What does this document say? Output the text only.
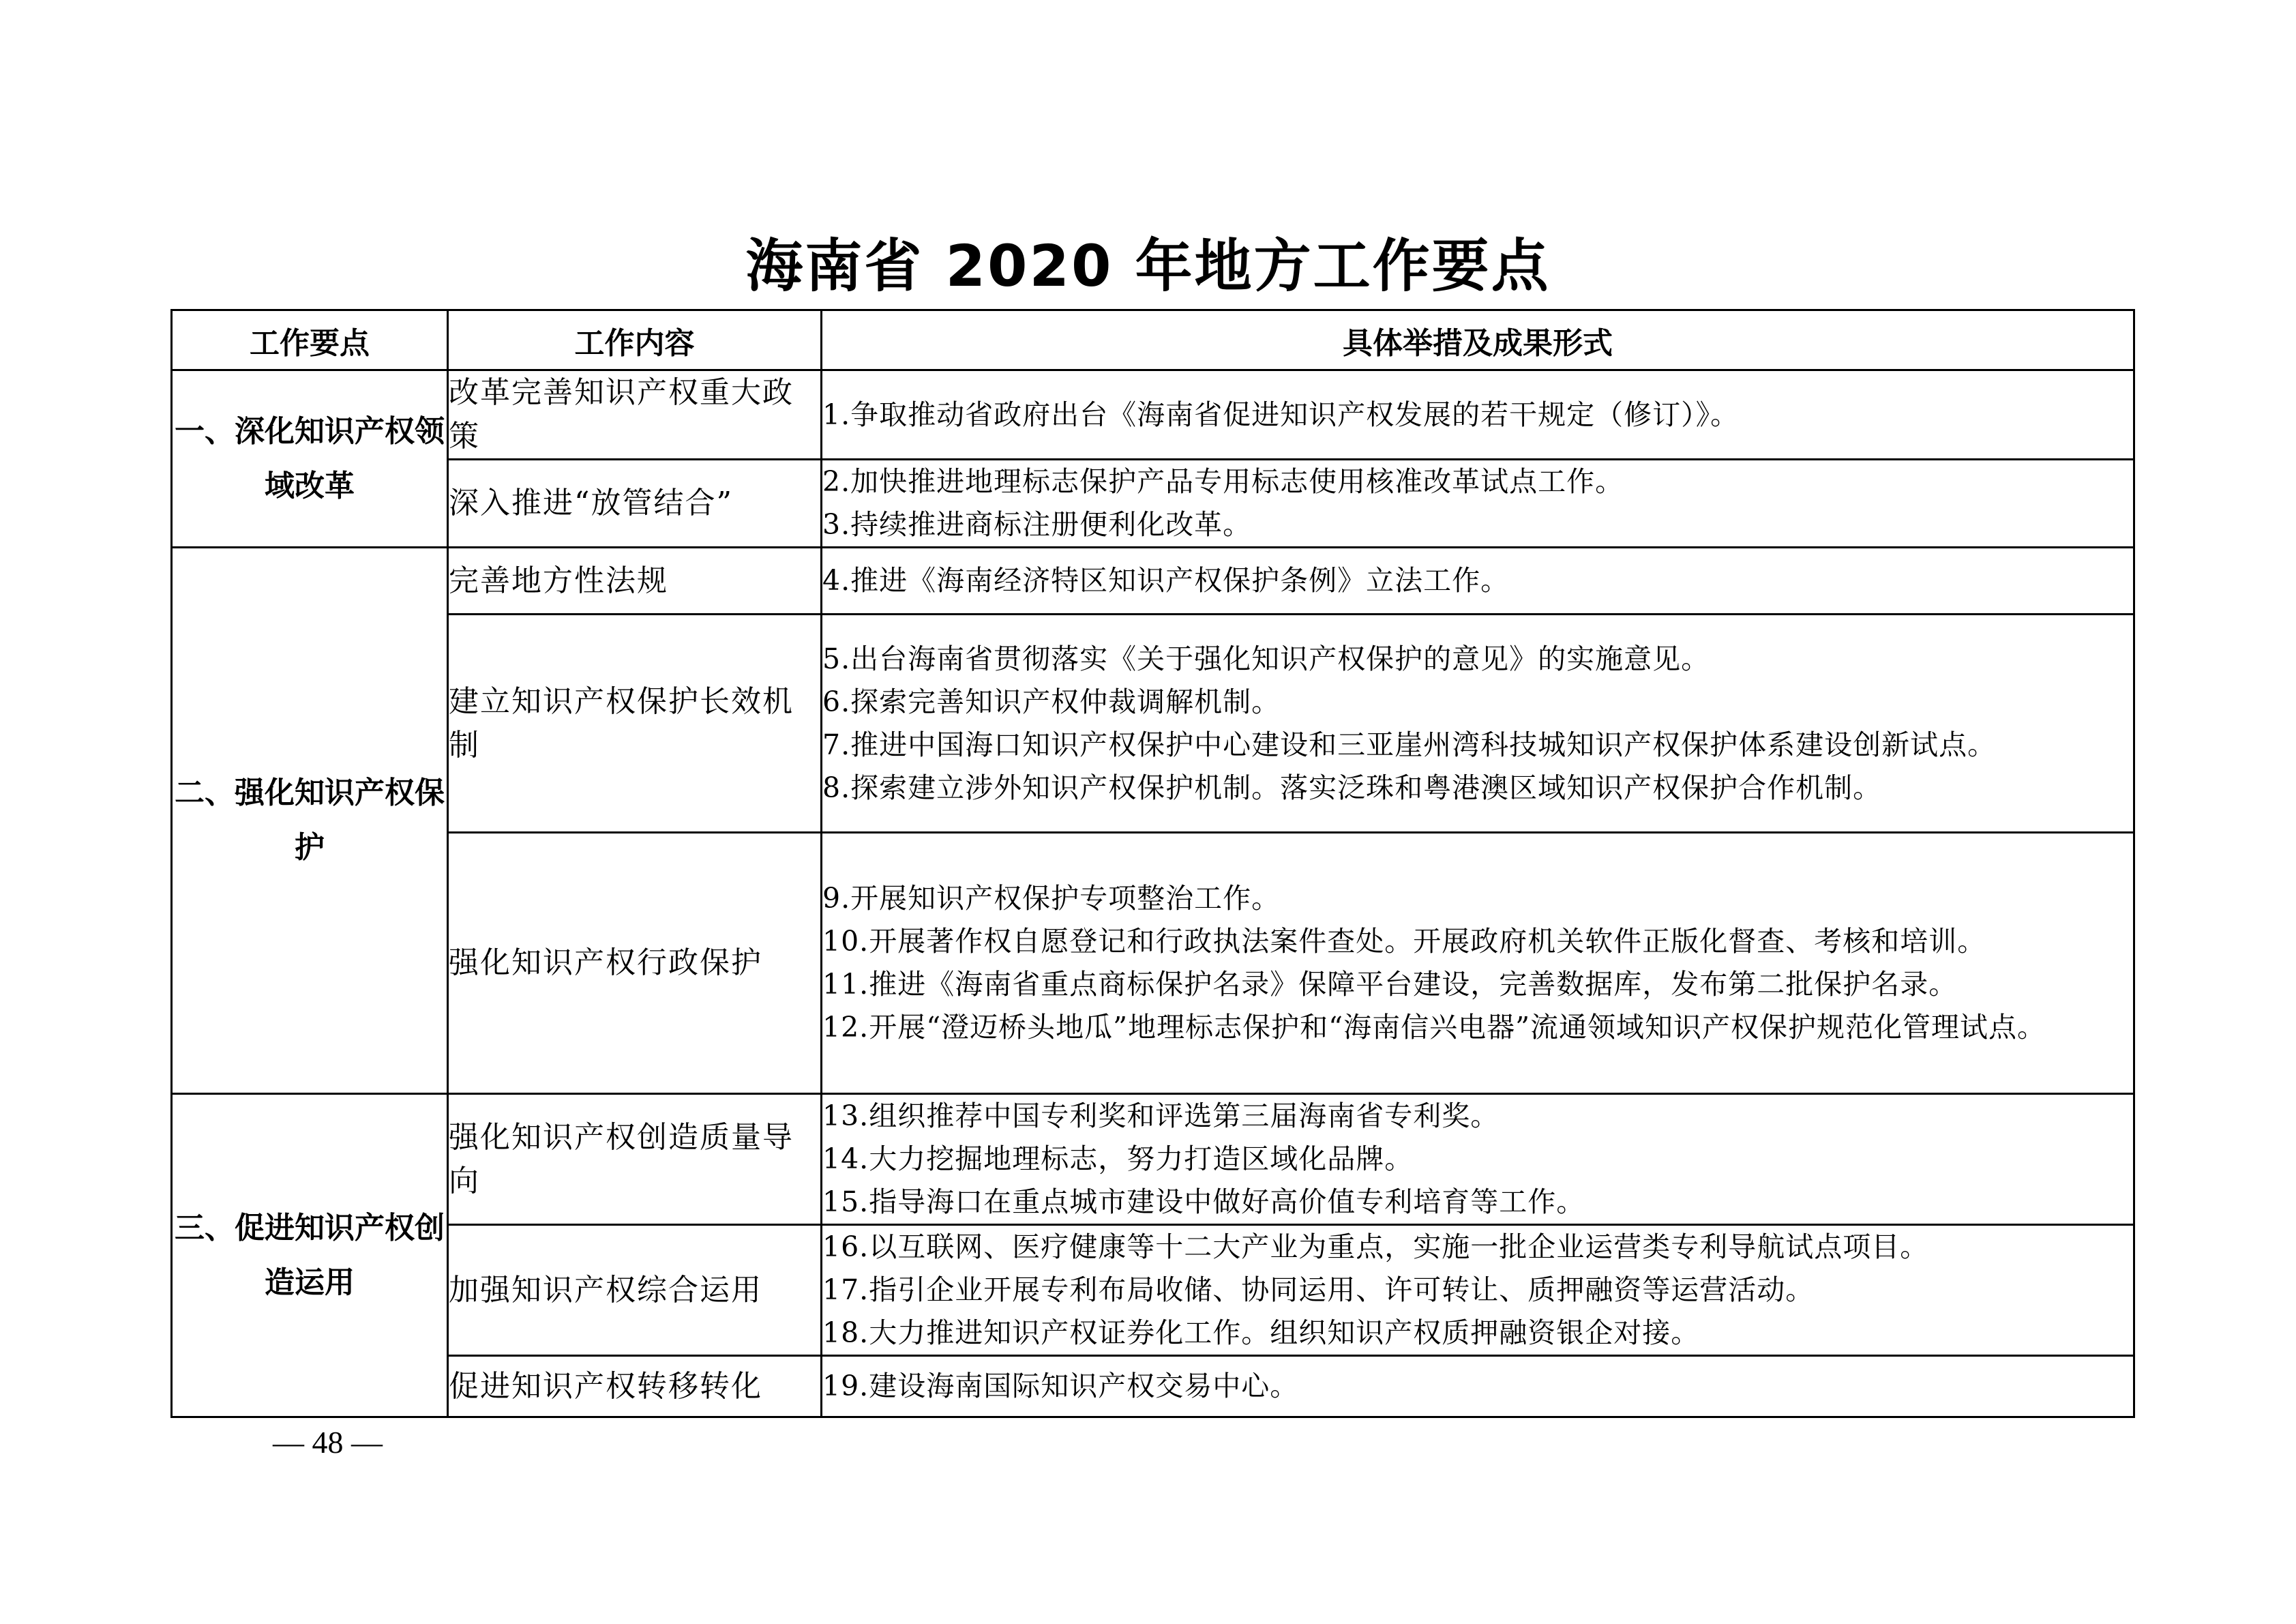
海南省 2020 年地方工作要点
工作要点	工作内容	具体举措及成果形式
一、深化知识产权领域改革	改革完善知识产权重大政策	1.争取推动省政府出台《海南省促进知识产权发展的若干规定（修订）》。

	深入推进“放管结合”	2.加快推进地理标志保护产品专用标志使用核准改革试点工作。
3.持续推进商标注册便利化改革。

二、强化知识产权保护	完善地方性法规	4.推进《海南经济特区知识产权保护条例》立法工作。

	建立知识产权保护长效机制	5.出台海南省贯彻落实《关于强化知识产权保护的意见》的实施意见。
6.探索完善知识产权仲裁调解机制。
7.推进中国海口知识产权保护中心建设和三亚崖州湾科技城知识产权保护体系建设创新试点。
8.探索建立涉外知识产权保护机制。落实泛珠和粤港澳区域知识产权保护合作机制。

	强化知识产权行政保护	9.开展知识产权保护专项整治工作。
10.开展著作权自愿登记和行政执法案件查处。开展政府机关软件正版化督查、考核和培训。
11.推进《海南省重点商标保护名录》保障平台建设，完善数据库，发布第二批保护名录。
12.开展“澄迈桥头地瓜”地理标志保护和“海南信兴电器”流通领域知识产权保护规范化管理试点。

三、促进知识产权创造运用	强化知识产权创造质量导向	13.组织推荐中国专利奖和评选第三届海南省专利奖。
14.大力挖掘地理标志，努力打造区域化品牌。
15.指导海口在重点城市建设中做好高价值专利培育等工作。

	加强知识产权综合运用	16.以互联网、医疗健康等十二大产业为重点，实施一批企业运营类专利导航试点项目。
17.指引企业开展专利布局收储、协同运用、许可转让、质押融资等运营活动。
18.大力推进知识产权证券化工作。组织知识产权质押融资银企对接。

	促进知识产权转移转化	19.建设海南国际知识产权交易中心。
— 48 —
